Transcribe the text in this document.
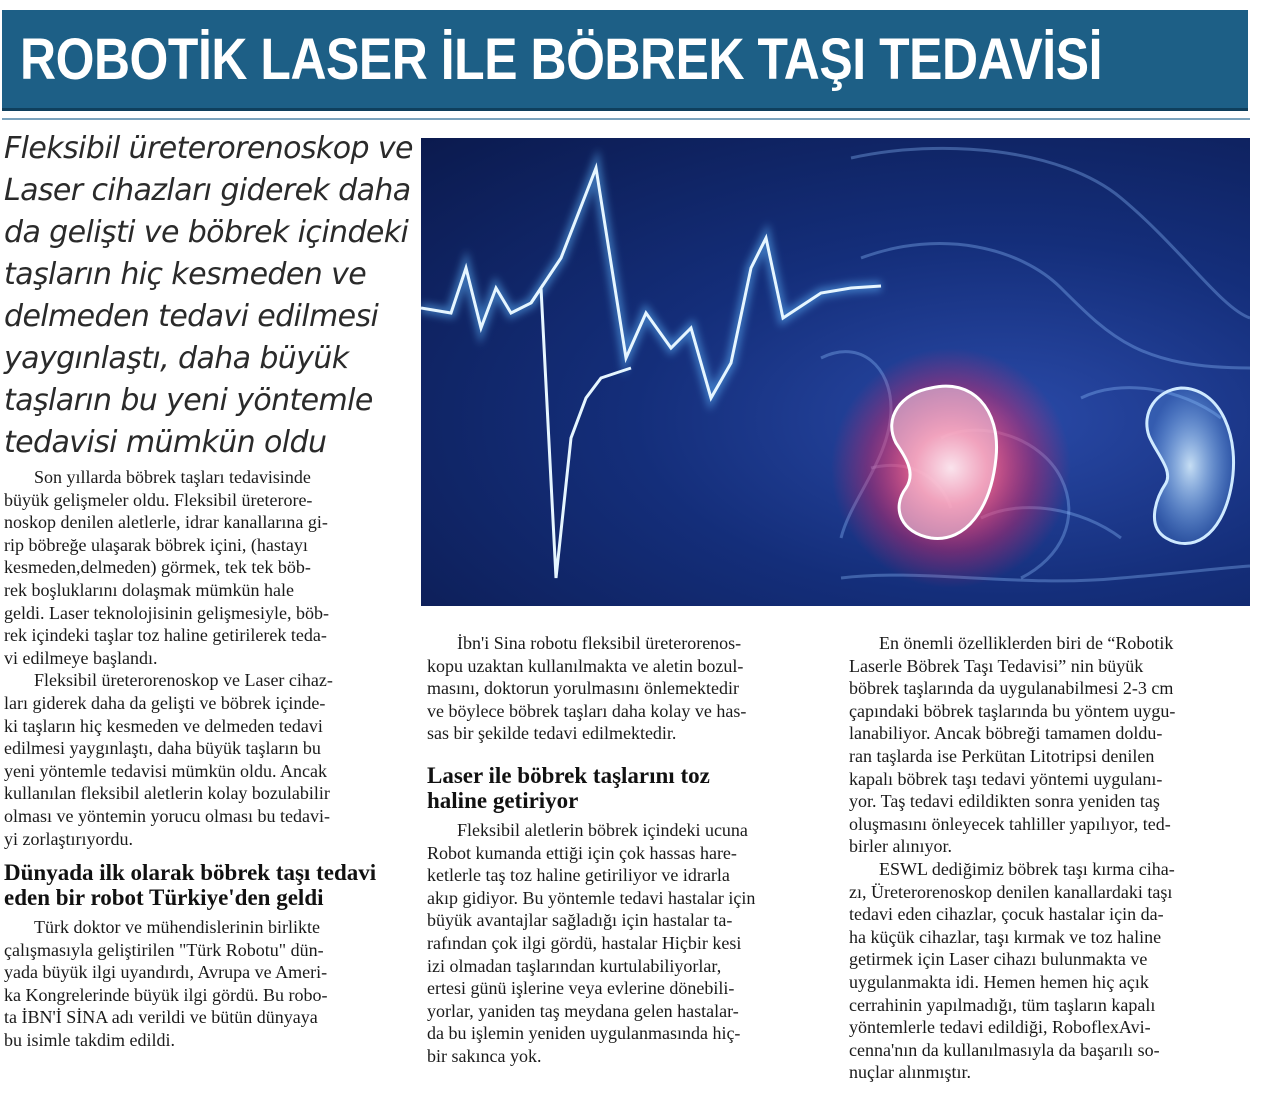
ROBOTİK LASER İLE BÖBREK TAŞI TEDAVİSİ
Fleksibil üreterorenoskop ve
Laser cihazları giderek daha
da gelişti ve böbrek içindeki
taşların hiç kesmeden ve
delmeden tedavi edilmesi
yaygınlaştı, daha büyük
taşların bu yeni yöntemle
tedavisi mümkün oldu
Son yıllarda böbrek taşları tedavisinde
büyük gelişmeler oldu. Fleksibil üreterore-
noskop denilen aletlerle, idrar kanallarına gi-
rip böbreğe ulaşarak böbrek içini, (hastayı
kesmeden,delmeden) görmek, tek tek böb-
rek boşluklarını dolaşmak mümkün hale
geldi. Laser teknolojisinin gelişmesiyle, böb-
rek içindeki taşlar toz haline getirilerek teda-
vi edilmeye başlandı.
Fleksibil üreterorenoskop ve Laser cihaz-
ları giderek daha da gelişti ve böbrek içinde-
ki taşların hiç kesmeden ve delmeden tedavi
edilmesi yaygınlaştı, daha büyük taşların bu
yeni yöntemle tedavisi mümkün oldu. Ancak
kullanılan fleksibil aletlerin kolay bozulabilir
olması ve yöntemin yorucu olması bu tedavi-
yi zorlaştırıyordu.
Dünyada ilk olarak böbrek taşı tedavi
eden bir robot Türkiye'den geldi
Türk doktor ve mühendislerinin birlikte
çalışmasıyla geliştirilen "Türk Robotu" dün-
yada büyük ilgi uyandırdı, Avrupa ve Ameri-
ka Kongrelerinde büyük ilgi gördü. Bu robo-
ta İBN'İ SİNA adı verildi ve bütün dünyaya
bu isimle takdim edildi.
İbn'i Sina robotu fleksibil üreterorenos-
kopu uzaktan kullanılmakta ve aletin bozul-
masını, doktorun yorulmasını önlemektedir
ve böylece böbrek taşları daha kolay ve has-
sas bir şekilde tedavi edilmektedir.
Laser ile böbrek taşlarını toz
haline getiriyor
Fleksibil aletlerin böbrek içindeki ucuna
Robot kumanda ettiği için çok hassas hare-
ketlerle taş toz haline getiriliyor ve idrarla
akıp gidiyor. Bu yöntemle tedavi hastalar için
büyük avantajlar sağladığı için hastalar ta-
rafından çok ilgi gördü, hastalar Hiçbir kesi
izi olmadan taşlarından kurtulabiliyorlar,
ertesi günü işlerine veya evlerine dönebili-
yorlar, yaniden taş meydana gelen hastalar-
da bu işlemin yeniden uygulanmasında hiç-
bir sakınca yok.
En önemli özelliklerden biri de “Robotik
Laserle Böbrek Taşı Tedavisi” nin büyük
böbrek taşlarında da uygulanabilmesi 2-3 cm
çapındaki böbrek taşlarında bu yöntem uygu-
lanabiliyor. Ancak böbreği tamamen doldu-
ran taşlarda ise Perkütan Litotripsi denilen
kapalı böbrek taşı tedavi yöntemi uygulanı-
yor. Taş tedavi edildikten sonra yeniden taş
oluşmasını önleyecek tahliller yapılıyor, ted-
birler alınıyor.
ESWL dediğimiz böbrek taşı kırma ciha-
zı, Üreterorenoskop denilen kanallardaki taşı
tedavi eden cihazlar, çocuk hastalar için da-
ha küçük cihazlar, taşı kırmak ve toz haline
getirmek için Laser cihazı bulunmakta ve
uygulanmakta idi. Hemen hemen hiç açık
cerrahinin yapılmadığı, tüm taşların kapalı
yöntemlerle tedavi edildiği, RoboflexAvi-
cenna'nın da kullanılmasıyla da başarılı so-
nuçlar alınmıştır.
